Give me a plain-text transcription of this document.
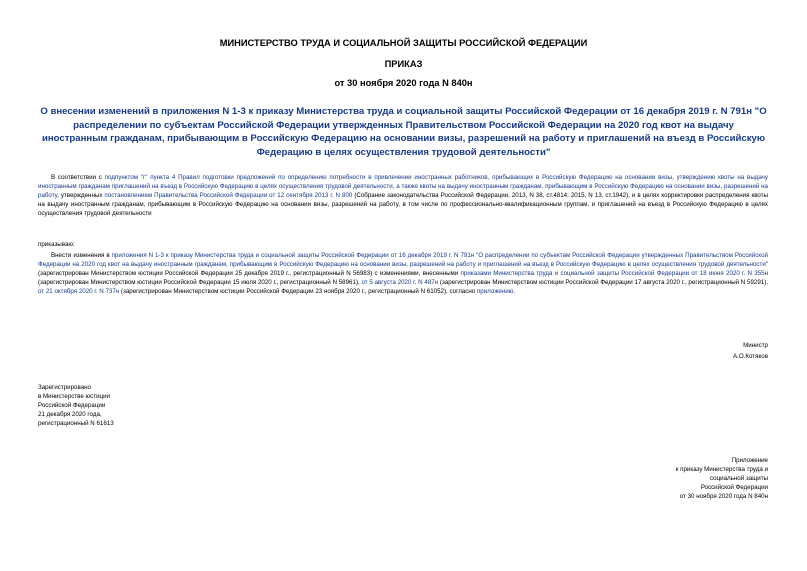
МИНИСТЕРСТВО ТРУДА И СОЦИАЛЬНОЙ ЗАЩИТЫ РОССИЙСКОЙ ФЕДЕРАЦИИ
ПРИКАЗ
от 30 ноября 2020 года N 840н
О внесении изменений в приложения N 1-3 к приказу Министерства труда и социальной защиты Российской Федерации от 16 декабря 2019 г. N 791н "О распределении по субъектам Российской Федерации утвержденных Правительством Российской Федерации на 2020 год квот на выдачу иностранным гражданам, прибывающим в Российскую Федерацию на основании визы, разрешений на работу и приглашений на въезд в Российскую Федерацию в целях осуществления трудовой деятельности"

В соответствии с подпунктом "г" пункта 4 Правил подготовки предложений по определению потребности в привлечении иностранных работников, прибывающих в Российскую Федерацию на основании визы, утверждению квоты на выдачу иностранным гражданам приглашений на въезд в Российскую Федерацию в целях осуществления трудовой деятельности, а также квоты на выдачу иностранным гражданам, прибывающим в Российскую Федерацию на основании визы, разрешений на работу, утвержденных постановлением Правительства Российской Федерации от 12 сентября 2013 г. N 800 (Собрание законодательства Российской Федерации, 2013, N 38, ст.4814; 2015, N 13, ст.1942), и в целях корректировки распределения квоты на выдачу иностранным гражданам, прибывающим в Российскую Федерацию на основании визы, разрешений на работу, в том числе по профессионально-квалификационным группам, и приглашений на въезд в Российскую Федерацию в целях осуществления трудовой деятельности

приказываю:

Внести изменения в приложения N 1-3 к приказу Министерства труда и социальной защиты Российской Федерации от 16 декабря 2019 г. N 791н "О распределении по субъектам Российской Федерации утвержденных Правительством Российской Федерации на 2020 год квот на выдачу иностранным гражданам, прибывающим в Российскую Федерацию на основании визы, разрешений на работу и приглашений на въезд в Российскую Федерацию в целях осуществления трудовой деятельности" (зарегистрирован Министерством юстиции Российской Федерации 25 декабря 2019 г., регистрационный N 56983) с изменениями, внесенными приказами Министерства труда и социальной защиты Российской Федерации от 18 июня 2020 г. N 355н (зарегистрирован Министерством юстиции Российской Федерации 15 июля 2020 г., регистрационный N 58961), от 5 августа 2020 г. N 487н (зарегистрирован Министерством юстиции Российской Федерации 17 августа 2020 г., регистрационный N 59291), от 21 октября 2020 г. N 737н (зарегистрирован Министерством юстиции Российской Федерации 23 ноября 2020 г., регистрационный N 61052), согласно приложению.

Министр
А.О.Котяков
Зарегистрировано
в Министерстве юстиции
Российской Федерации
21 декабря 2020 года,
регистрационный N 61613
Приложение
к приказу Министерства труда и
социальной защиты
Российской Федерации
от 30 ноября 2020 года N 840н
